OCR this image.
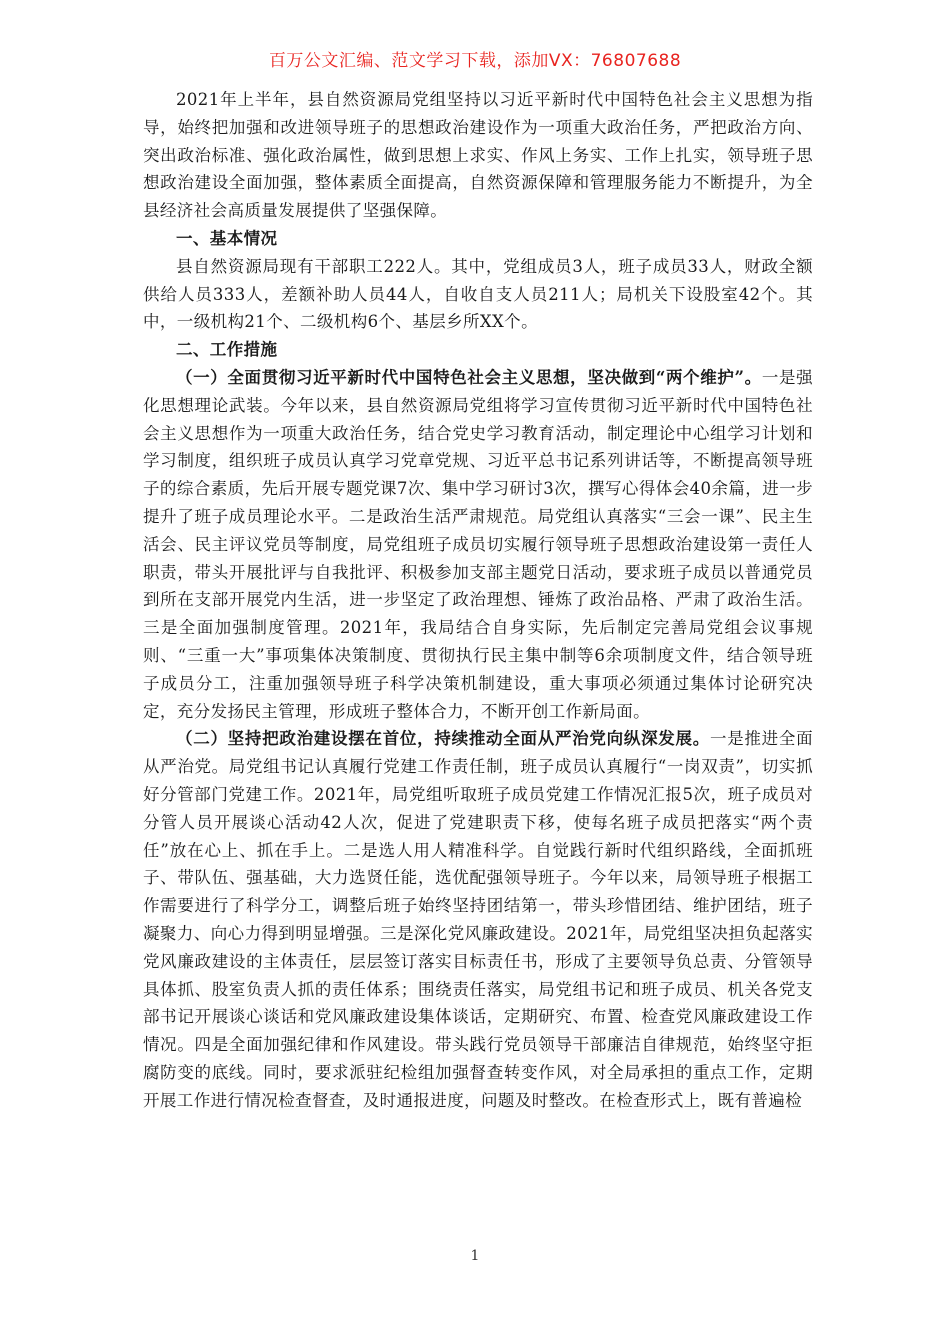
百万公文汇编、范文学习下载，添加VX：76807688

2021年上半年，县自然资源局党组坚持以习近平新时代中国特色社会主义思想为指导，始终把加强和改进领导班子的思想政治建设作为一项重大政治任务，严把政治方向、突出政治标准、强化政治属性，做到思想上求实、作风上务实、工作上扎实，领导班子思想政治建设全面加强，整体素质全面提高，自然资源保障和管理服务能力不断提升，为全县经济社会高质量发展提供了坚强保障。

一、基本情况

县自然资源局现有干部职工222人。其中，党组成员3人，班子成员33人，财政全额供给人员333人，差额补助人员44人，自收自支人员211人；局机关下设股室42个。其中，一级机构21个、二级机构6个、基层乡所XX个。

二、工作措施

（一）全面贯彻习近平新时代中国特色社会主义思想，坚决做到“两个维护”。一是强化思想理论武装。今年以来，县自然资源局党组将学习宣传贯彻习近平新时代中国特色社会主义思想作为一项重大政治任务，结合党史学习教育活动，制定理论中心组学习计划和学习制度，组织班子成员认真学习党章党规、习近平总书记系列讲话等，不断提高领导班子的综合素质，先后开展专题党课7次、集中学习研讨3次，撰写心得体会40余篇，进一步提升了班子成员理论水平。二是政治生活严肃规范。局党组认真落实“三会一课”、民主生活会、民主评议党员等制度，局党组班子成员切实履行领导班子思想政治建设第一责任人职责，带头开展批评与自我批评、积极参加支部主题党日活动，要求班子成员以普通党员到所在支部开展党内生活，进一步坚定了政治理想、锤炼了政治品格、严肃了政治生活。三是全面加强制度管理。2021年，我局结合自身实际，先后制定完善局党组会议事规则、“三重一大”事项集体决策制度、贯彻执行民主集中制等6余项制度文件，结合领导班子成员分工，注重加强领导班子科学决策机制建设，重大事项必须通过集体讨论研究决定，充分发扬民主管理，形成班子整体合力，不断开创工作新局面。

（二）坚持把政治建设摆在首位，持续推动全面从严治党向纵深发展。一是推进全面从严治党。局党组书记认真履行党建工作责任制，班子成员认真履行“一岗双责”，切实抓好分管部门党建工作。2021年，局党组听取班子成员党建工作情况汇报5次，班子成员对分管人员开展谈心活动42人次，促进了党建职责下移，使每名班子成员把落实“两个责任”放在心上、抓在手上。二是选人用人精准科学。自觉践行新时代组织路线，全面抓班子、带队伍、强基础，大力选贤任能，选优配强领导班子。今年以来，局领导班子根据工作需要进行了科学分工，调整后班子始终坚持团结第一，带头珍惜团结、维护团结，班子凝聚力、向心力得到明显增强。三是深化党风廉政建设。2021年，局党组坚决担负起落实党风廉政建设的主体责任，层层签订落实目标责任书，形成了主要领导负总责、分管领导具体抓、股室负责人抓的责任体系；围绕责任落实，局党组书记和班子成员、机关各党支部书记开展谈心谈话和党风廉政建设集体谈话，定期研究、布置、检查党风廉政建设工作情况。四是全面加强纪律和作风建设。带头践行党员领导干部廉洁自律规范，始终坚守拒腐防变的底线。同时，要求派驻纪检组加强督查转变作风，对全局承担的重点工作，定期开展工作进行情况检查督查，及时通报进度，问题及时整改。在检查形式上，既有普遍检

1
